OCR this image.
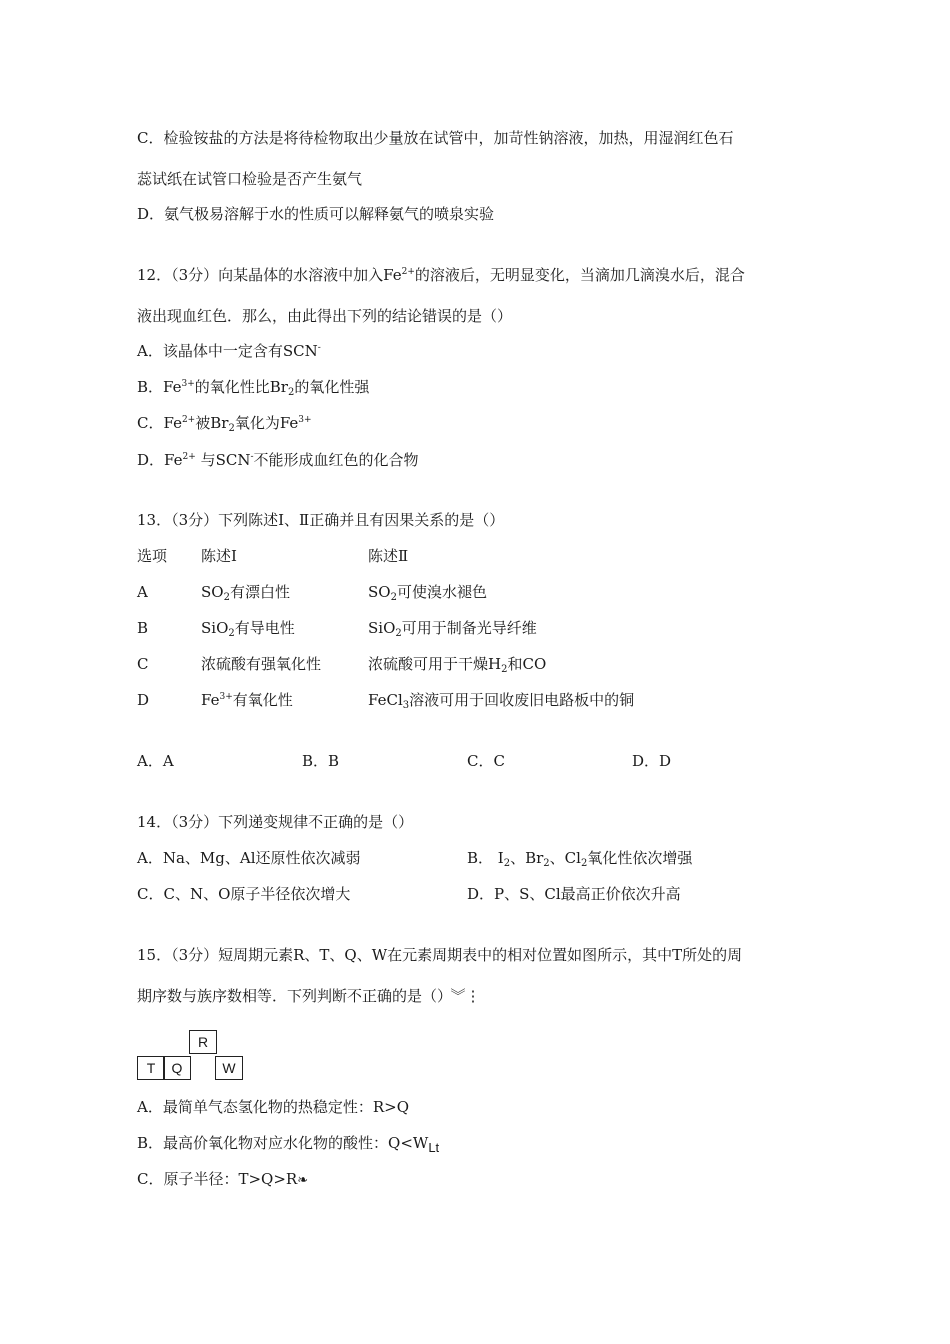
C．检验铵盐的方法是将待检物取出少量放在试管中，加苛性钠溶液，加热，用湿润红色石
蕊试纸在试管口检验是否产生氨气
D．氨气极易溶解于水的性质可以解释氨气的喷泉实验
12．（3分）向某晶体的水溶液中加入$Fe^{2+}$的溶液后，无明显变化，当滴加几滴溴水后，混合
液出现血红色．那么，由此得出下列的结论错误的是（）
A．该晶体中一定含有SCN-
B．$Fe^{3+}$的氧化性比$Br_2$的氧化性强
C．$Fe^{2+}$被$Br_2$氧化为$Fe^{3+}$
D．$Fe^{2+}$ 与SCN-不能形成血红色的化合物
13．（3分）下列陈述Ⅰ、Ⅱ正确并且有因果关系的是（）
选项 陈述Ⅰ	陈述Ⅱ
A	$SO_2$有漂白性	$SO_2$可使溴水褪色
B	SiO$_2$有导电性	SiO$_2$可用于制备光导纤维
C	浓硫酸有强氧化性	浓硫酸可用于干燥$H_2$和CO
D	$Fe^{3+}$有氧化性	FeCl$_3$溶液可用于回收废旧电路板中的铜
A．A	B．B	C．C	D．D
14．（3分）下列递变规律不正确的是（）
A．Na、Mg、Al还原性依次减弱	B． $I_2$、$Br_2$、$Cl_2$氧化性依次增强
C．C、N、O原子半径依次增大	D．P、S、Cl最高正价依次升高
15．（3分）短周期元素R、T、Q、W在元素周期表中的相对位置如图所示，其中T所处的周
期序数与族序数相等．下列判断不正确的是（） ︾⋮
R
T	Q	W
A．最简单气态氢化物的热稳定性：R>Q
B．最高价氧化物对应水化物的酸性：Q<WLt
C．原子半径：T>Q>R❧
